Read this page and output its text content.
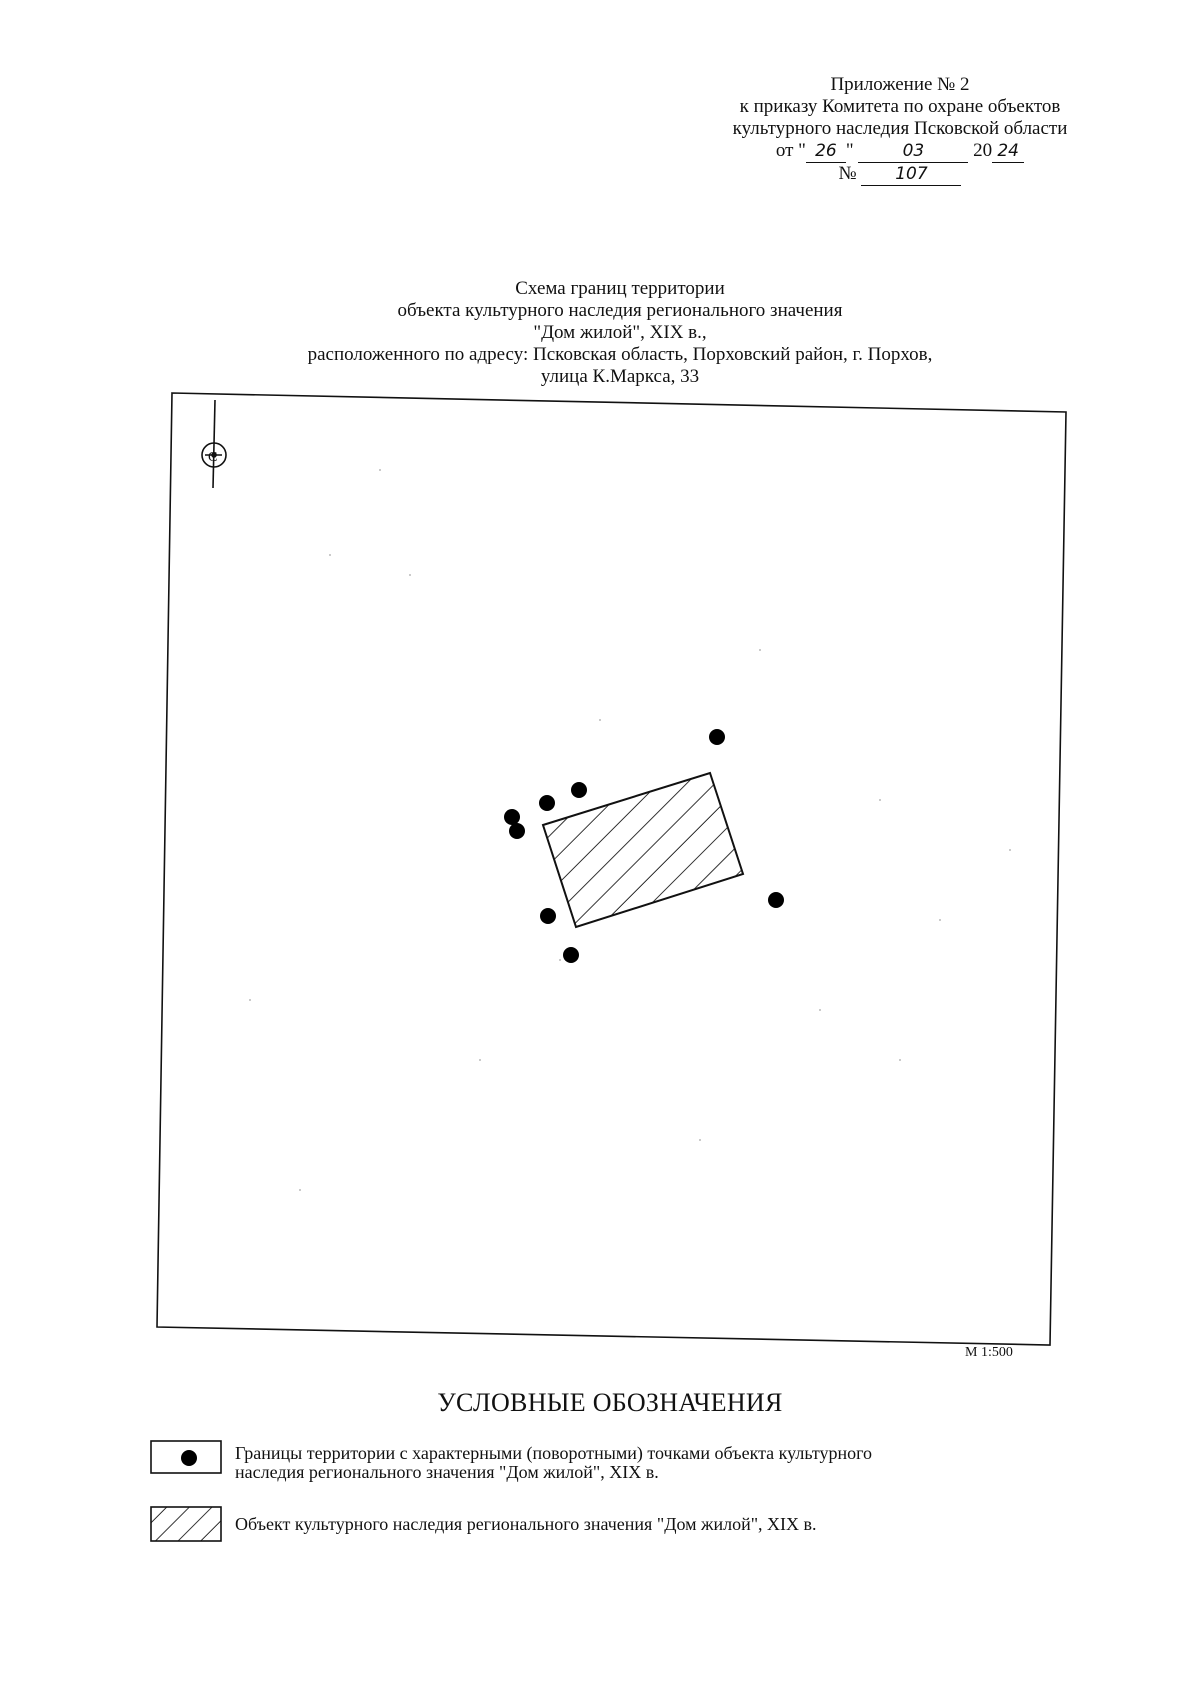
Приложение № 2
к приказу Комитета по охране объектов
культурного наследия Псковской области
от " 26 "	03	20 24
№ 107
Схема границ территории
объекта культурного наследия регионального значения
"Дом жилой", XIX в.,
расположенного по адресу: Псковская область, Порховский район, г. Порхов,
улица К.Маркса, 33
С
М 1:500
УСЛОВНЫЕ ОБОЗНАЧЕНИЯ
Границы территории с характерными (поворотными) точками объекта культурного
наследия регионального значения "Дом жилой", XIX в.
Объект культурного наследия регионального значения "Дом жилой", XIX в.
